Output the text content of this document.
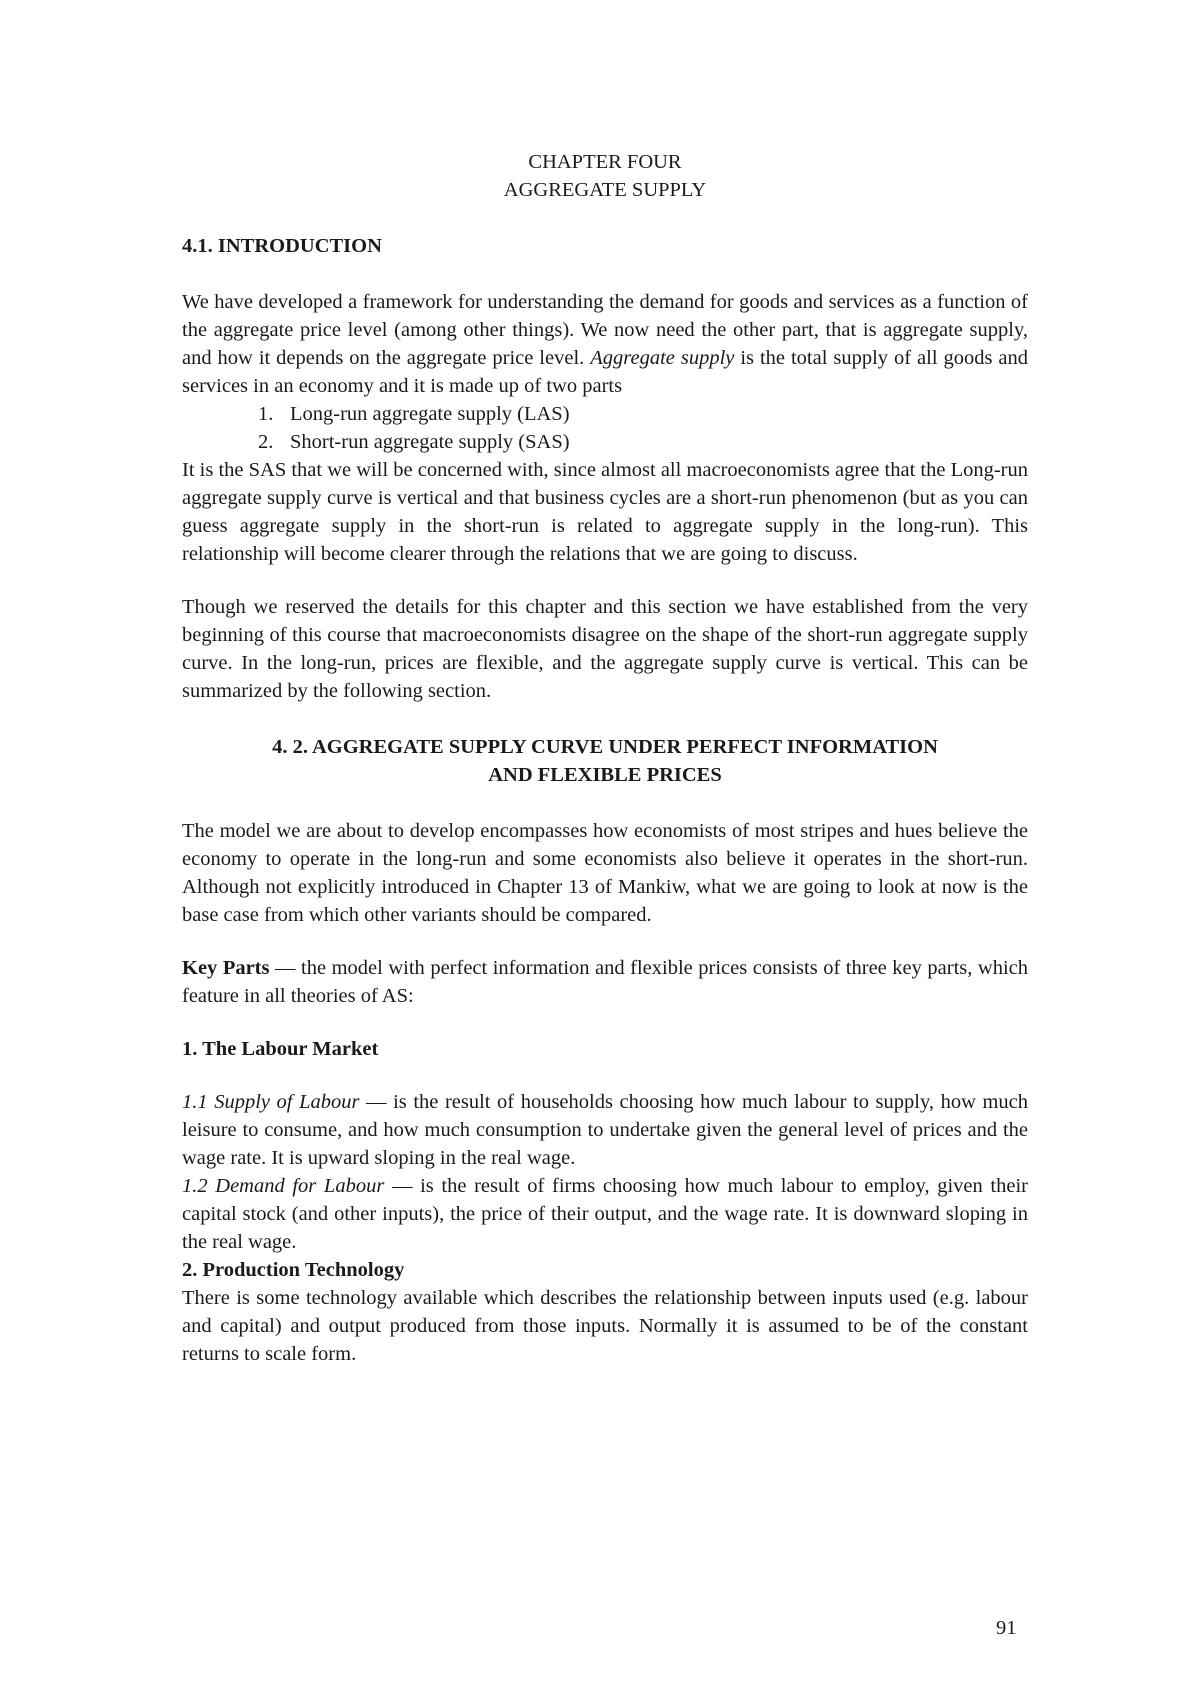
CHAPTER FOUR
AGGREGATE SUPPLY

4.1. INTRODUCTION

We have developed a framework for understanding the demand for goods and services as a function of the aggregate price level (among other things). We now need the other part, that is aggregate supply, and how it depends on the aggregate price level. Aggregate supply is the total supply of all goods and services in an economy and it is made up of two parts

1. Long-run aggregate supply (LAS)
2. Short-run aggregate supply (SAS)

It is the SAS that we will be concerned with, since almost all macroeconomists agree that the Long-run aggregate supply curve is vertical and that business cycles are a short-run phenomenon (but as you can guess aggregate supply in the short-run is related to aggregate supply in the long-run). This relationship will become clearer through the relations that we are going to discuss.

Though we reserved the details for this chapter and this section we have established from the very beginning of this course that macroeconomists disagree on the shape of the short-run aggregate supply curve. In the long-run, prices are flexible, and the aggregate supply curve is vertical. This can be summarized by the following section.

4. 2. AGGREGATE SUPPLY CURVE UNDER PERFECT INFORMATION
AND FLEXIBLE PRICES

The model we are about to develop encompasses how economists of most stripes and hues believe the economy to operate in the long-run and some economists also believe it operates in the short-run. Although not explicitly introduced in Chapter 13 of Mankiw, what we are going to look at now is the base case from which other variants should be compared.

Key Parts — the model with perfect information and flexible prices consists of three key parts, which feature in all theories of AS:

1. The Labour Market

1.1 Supply of Labour — is the result of households choosing how much labour to supply, how much leisure to consume, and how much consumption to undertake given the general level of prices and the wage rate. It is upward sloping in the real wage.

1.2 Demand for Labour — is the result of firms choosing how much labour to employ, given their capital stock (and other inputs), the price of their output, and the wage rate. It is downward sloping in the real wage.

2. Production Technology

There is some technology available which describes the relationship between inputs used (e.g. labour and capital) and output produced from those inputs. Normally it is assumed to be of the constant returns to scale form.

91
